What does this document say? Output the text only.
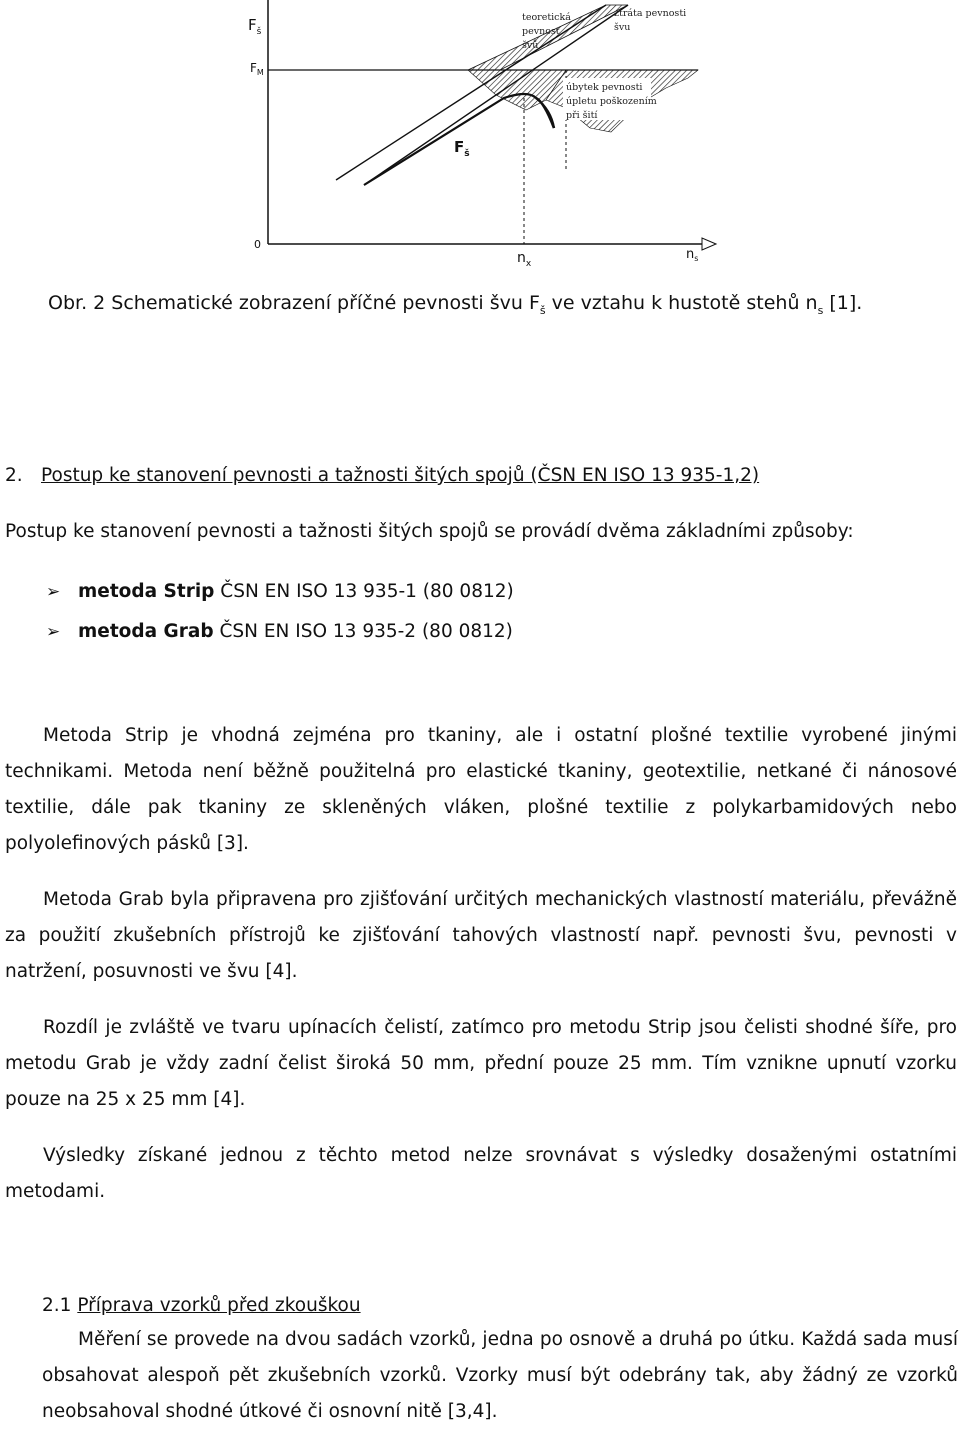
$F_š$
$F_M$
0
$n_x$
$n_s$
$F_š$
teoretická pevnost švů
ztráta pevnosti švu
úbytek pevnosti úpletu poškozením při šití
Obr. 2 Schematické zobrazení příčné pevnosti švu $F_š$ ve vztahu k hustotě stehů $n_s$ [1].
2. Postup ke stanovení pevnosti a tažnosti šitých spojů (ČSN EN ISO 13 935-1,2)
Postup ke stanovení pevnosti a tažnosti šitých spojů se provádí dvěma základními způsoby:
➢ metoda Strip ČSN EN ISO 13 935-1 (80 0812)
➢ metoda Grab ČSN EN ISO 13 935-2 (80 0812)
Metoda Strip je vhodná zejména pro tkaniny, ale i ostatní plošné textilie vyrobené jinými technikami. Metoda není běžně použitelná pro elastické tkaniny, geotextilie, netkané či nánosové textilie, dále pak tkaniny ze skleněných vláken, plošné textilie z polykarbamidových nebo polyolefinových pásků [3].
Metoda Grab byla připravena pro zjišťování určitých mechanických vlastností materiálu, převážně za použití zkušebních přístrojů ke zjišťování tahových vlastností např. pevnosti švu, pevnosti v natržení, posuvnosti ve švu [4].
Rozdíl je zvláště ve tvaru upínacích čelistí, zatímco pro metodu Strip jsou čelisti shodné šíře, pro metodu Grab je vždy zadní čelist široká 50 mm, přední pouze 25 mm. Tím vznikne upnutí vzorku pouze na 25 x 25 mm [4].
Výsledky získané jednou z těchto metod nelze srovnávat s výsledky dosaženými ostatními metodami.
2.1 Příprava vzorků před zkouškou
Měření se provede na dvou sadách vzorků, jedna po osnově a druhá po útku. Každá sada musí obsahovat alespoň pět zkušebních vzorků. Vzorky musí být odebrány tak, aby žádný ze vzorků neobsahoval shodné útkové či osnovní nitě [3,4].
